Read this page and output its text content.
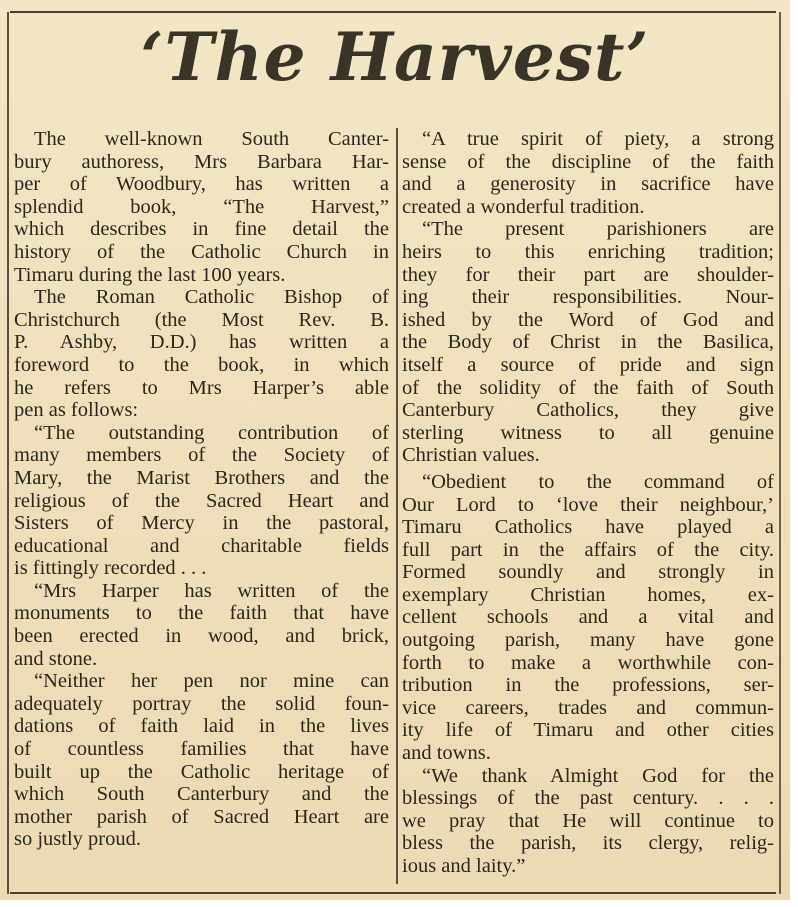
‘The Harvest’
The well-known South Canter-
bury authoress, Mrs Barbara Har-
per of Woodbury, has written a
splendid book, “The Harvest,”
which describes in fine detail the
history of the Catholic Church in
Timaru during the last 100 years.
The Roman Catholic Bishop of
Christchurch (the Most Rev. B.
P. Ashby, D.D.) has written a
foreword to the book, in which
he refers to Mrs Harper’s able
pen as follows:
“The outstanding contribution of
many members of the Society of
Mary, the Marist Brothers and the
religious of the Sacred Heart and
Sisters of Mercy in the pastoral,
educational and charitable fields
is fittingly recorded . . .
“Mrs Harper has written of the
monuments to the faith that have
been erected in wood, and brick,
and stone.
“Neither her pen nor mine can
adequately portray the solid foun-
dations of faith laid in the lives
of countless families that have
built up the Catholic heritage of
which South Canterbury and the
mother parish of Sacred Heart are
so justly proud.
“A true spirit of piety, a strong
sense of the discipline of the faith
and a generosity in sacrifice have
created a wonderful tradition.
“The present parishioners are
heirs to this enriching tradition;
they for their part are shoulder-
ing their responsibilities. Nour-
ished by the Word of God and
the Body of Christ in the Basilica,
itself a source of pride and sign
of the solidity of the faith of South
Canterbury Catholics, they give
sterling witness to all genuine
Christian values.
“Obedient to the command of
Our Lord to ‘love their neighbour,’
Timaru Catholics have played a
full part in the affairs of the city.
Formed soundly and strongly in
exemplary Christian homes, ex-
cellent schools and a vital and
outgoing parish, many have gone
forth to make a worthwhile con-
tribution in the professions, ser-
vice careers, trades and commun-
ity life of Timaru and other cities
and towns.
“We thank Almight God for the
blessings of the past century. . . .
we pray that He will continue to
bless the parish, its clergy, relig-
ious and laity.”
